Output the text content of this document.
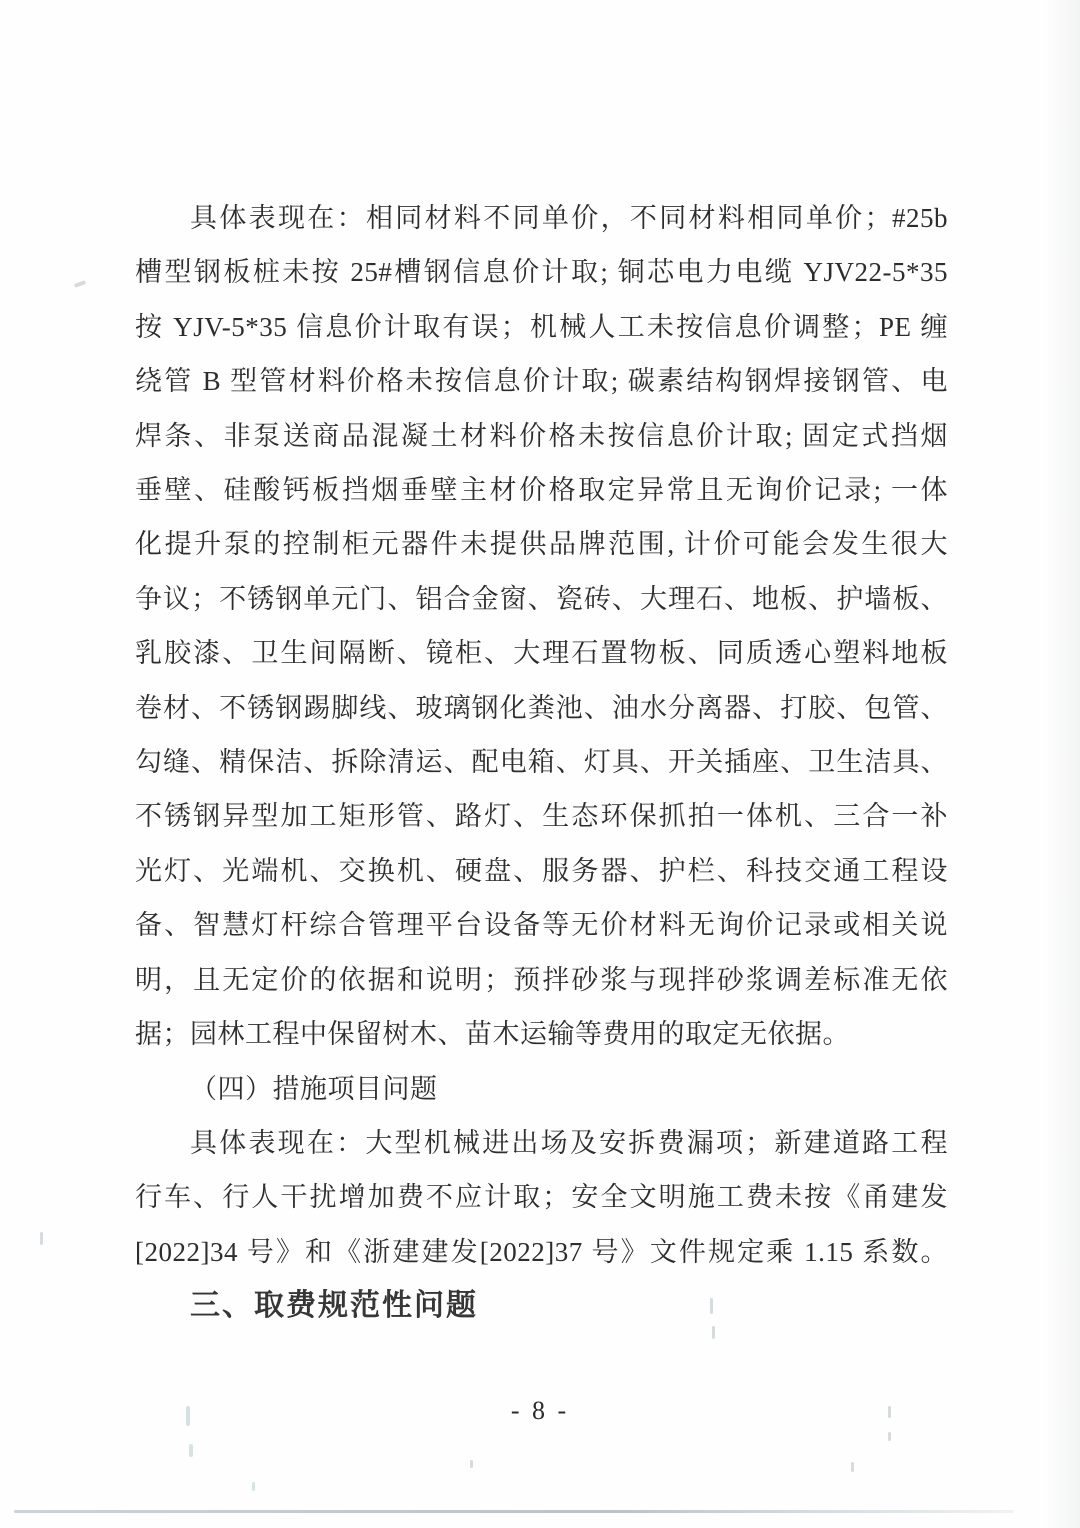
具体表现在：相同材料不同单价，不同材料相同单价；#25b
槽型钢板桩未按 25#槽钢信息价计取; 铜芯电力电缆 YJV22-5*35
按 YJV-5*35 信息价计取有误；机械人工未按信息价调整；PE 缠
绕管 B 型管材料价格未按信息价计取; 碳素结构钢焊接钢管、电
焊条、非泵送商品混凝土材料价格未按信息价计取; 固定式挡烟
垂壁、硅酸钙板挡烟垂壁主材价格取定异常且无询价记录; 一体
化提升泵的控制柜元器件未提供品牌范围, 计价可能会发生很大
争议；不锈钢单元门、铝合金窗、瓷砖、大理石、地板、护墙板、
乳胶漆、卫生间隔断、镜柜、大理石置物板、同质透心塑料地板
卷材、不锈钢踢脚线、玻璃钢化粪池、油水分离器、打胶、包管、
勾缝、精保洁、拆除清运、配电箱、灯具、开关插座、卫生洁具、
不锈钢异型加工矩形管、路灯、生态环保抓拍一体机、三合一补
光灯、光端机、交换机、硬盘、服务器、护栏、科技交通工程设
备、智慧灯杆综合管理平台设备等无价材料无询价记录或相关说
明，且无定价的依据和说明；预拌砂浆与现拌砂浆调差标准无依
据；园林工程中保留树木、苗木运输等费用的取定无依据。
（四）措施项目问题
具体表现在：大型机械进出场及安拆费漏项；新建道路工程
行车、行人干扰增加费不应计取；安全文明施工费未按《甬建发
[2022]34 号》和《浙建建发[2022]37 号》文件规定乘 1.15 系数。
三、取费规范性问题
- 8 -
